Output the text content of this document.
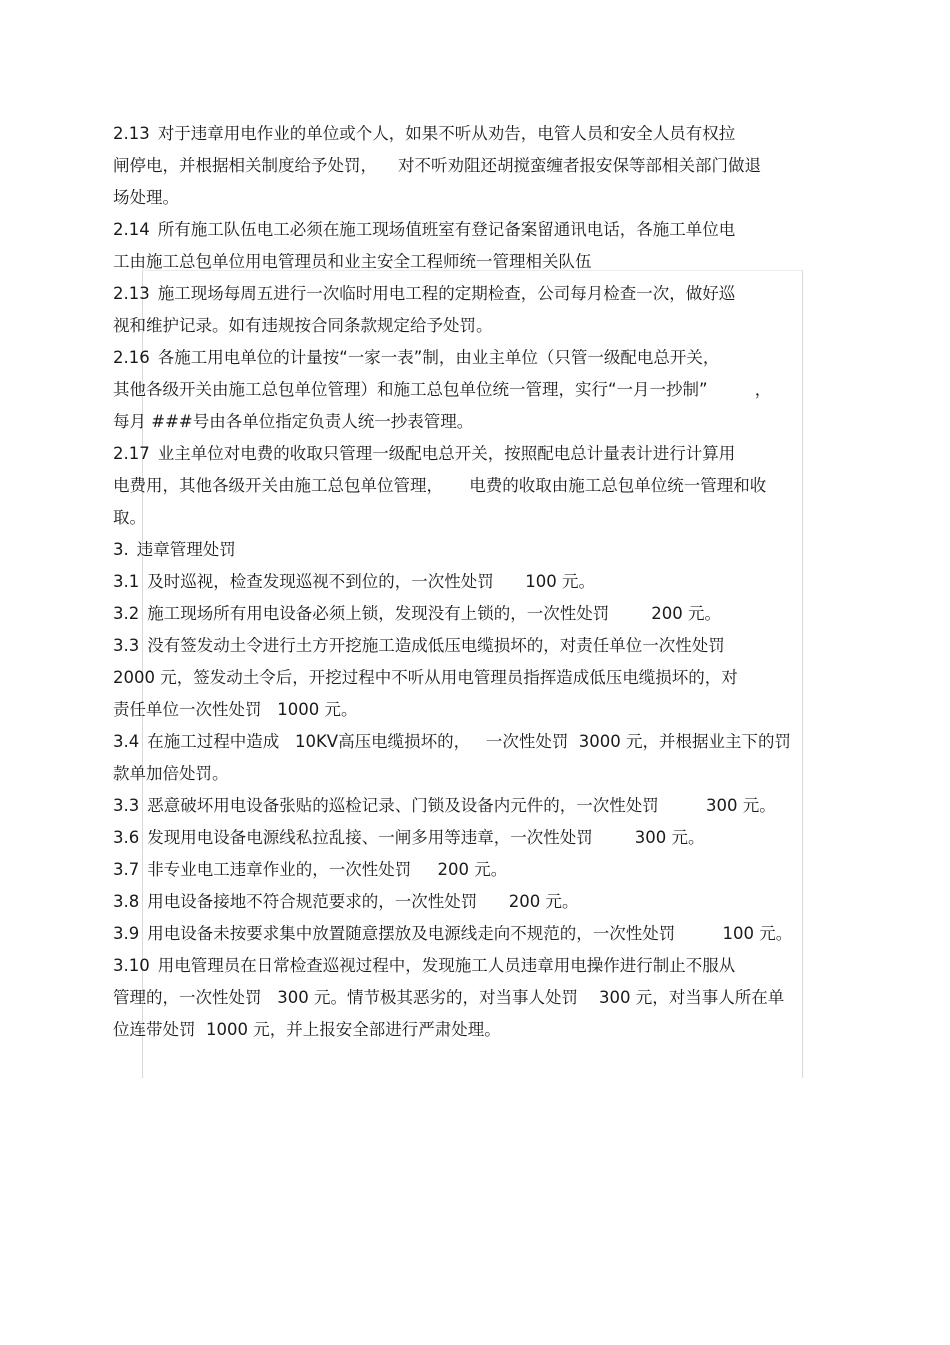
2.13 对于违章用电作业的单位或个人，如果不听从劝告，电管人员和安全人员有权拉
闸停电，并根据相关制度给予处罚，    对不听劝阻还胡搅蛮缠者报安保等部相关部门做退
场处理。
2.14 所有施工队伍电工必须在施工现场值班室有登记备案留通讯电话，各施工单位电
工由施工总包单位用电管理员和业主安全工程师统一管理相关队伍
2.13 施工现场每周五进行一次临时用电工程的定期检查，公司每月检查一次，做好巡
视和维护记录。如有违规按合同条款规定给予处罚。
2.16 各施工用电单位的计量按“一家一表”制，由业主单位（只管一级配电总开关，
其他各级开关由施工总包单位管理）和施工总包单位统一管理，实行“一月一抄制”         ，
每月 ###号由各单位指定负责人统一抄表管理。
2.17 业主单位对电费的收取只管理一级配电总开关，按照配电总计量表计进行计算用
电费用，其他各级开关由施工总包单位管理，     电费的收取由施工总包单位统一管理和收
取。
3. 违章管理处罚
3.1 及时巡视，检查发现巡视不到位的，一次性处罚      100 元。
3.2 施工现场所有用电设备必须上锁，发现没有上锁的，一次性处罚        200 元。
3.3 没有签发动土令进行土方开挖施工造成低压电缆损坏的，对责任单位一次性处罚
2000 元，签发动土令后，开挖过程中不听从用电管理员指挥造成低压电缆损坏的，对
责任单位一次性处罚   1000 元。
3.4 在施工过程中造成   10KV高压电缆损坏的，   一次性处罚  3000 元，并根据业主下的罚
款单加倍处罚。
3.3 恶意破坏用电设备张贴的巡检记录、门锁及设备内元件的，一次性处罚         300 元。
3.6 发现用电设备电源线私拉乱接、一闸多用等违章，一次性处罚        300 元。
3.7 非专业电工违章作业的，一次性处罚     200 元。
3.8 用电设备接地不符合规范要求的，一次性处罚      200 元。
3.9 用电设备未按要求集中放置随意摆放及电源线走向不规范的，一次性处罚         100 元。
3.10 用电管理员在日常检查巡视过程中，发现施工人员违章用电操作进行制止不服从
管理的，一次性处罚   300 元。情节极其恶劣的，对当事人处罚    300 元，对当事人所在单
位连带处罚  1000 元，并上报安全部进行严肃处理。
